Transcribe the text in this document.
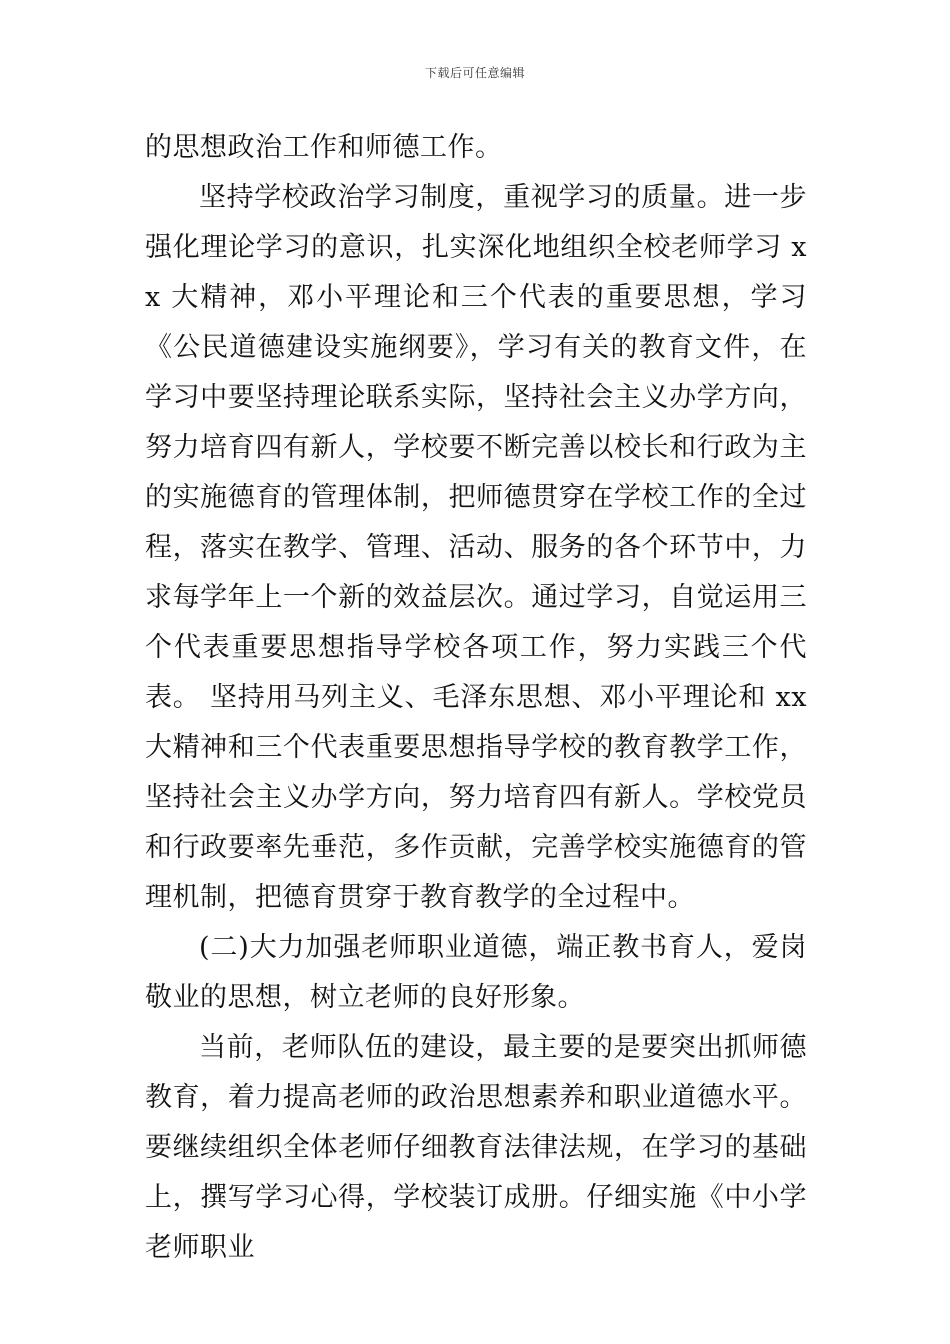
下载后可任意编辑

的思想政治工作和师德工作。

坚持学校政治学习制度，重视学习的质量。进一步强化理论学习的意识，扎实深化地组织全校老师学习 xx 大精神，邓小平理论和三个代表的重要思想，学习《公民道德建设实施纲要》，学习有关的教育文件，在学习中要坚持理论联系实际，坚持社会主义办学方向，努力培育四有新人，学校要不断完善以校长和行政为主的实施德育的管理体制，把师德贯穿在学校工作的全过程，落实在教学、管理、活动、服务的各个环节中，力求每学年上一个新的效益层次。通过学习，自觉运用三个代表重要思想指导学校各项工作，努力实践三个代表。 坚持用马列主义、毛泽东思想、邓小平理论和 xx 大精神和三个代表重要思想指导学校的教育教学工作，坚持社会主义办学方向，努力培育四有新人。学校党员和行政要率先垂范，多作贡献，完善学校实施德育的管理机制，把德育贯穿于教育教学的全过程中。

(二)大力加强老师职业道德，端正教书育人，爱岗敬业的思想，树立老师的良好形象。

当前，老师队伍的建设，最主要的是要突出抓师德教育，着力提高老师的政治思想素养和职业道德水平。要继续组织全体老师仔细教育法律法规，在学习的基础上，撰写学习心得，学校装订成册。仔细实施《中小学老师职业
